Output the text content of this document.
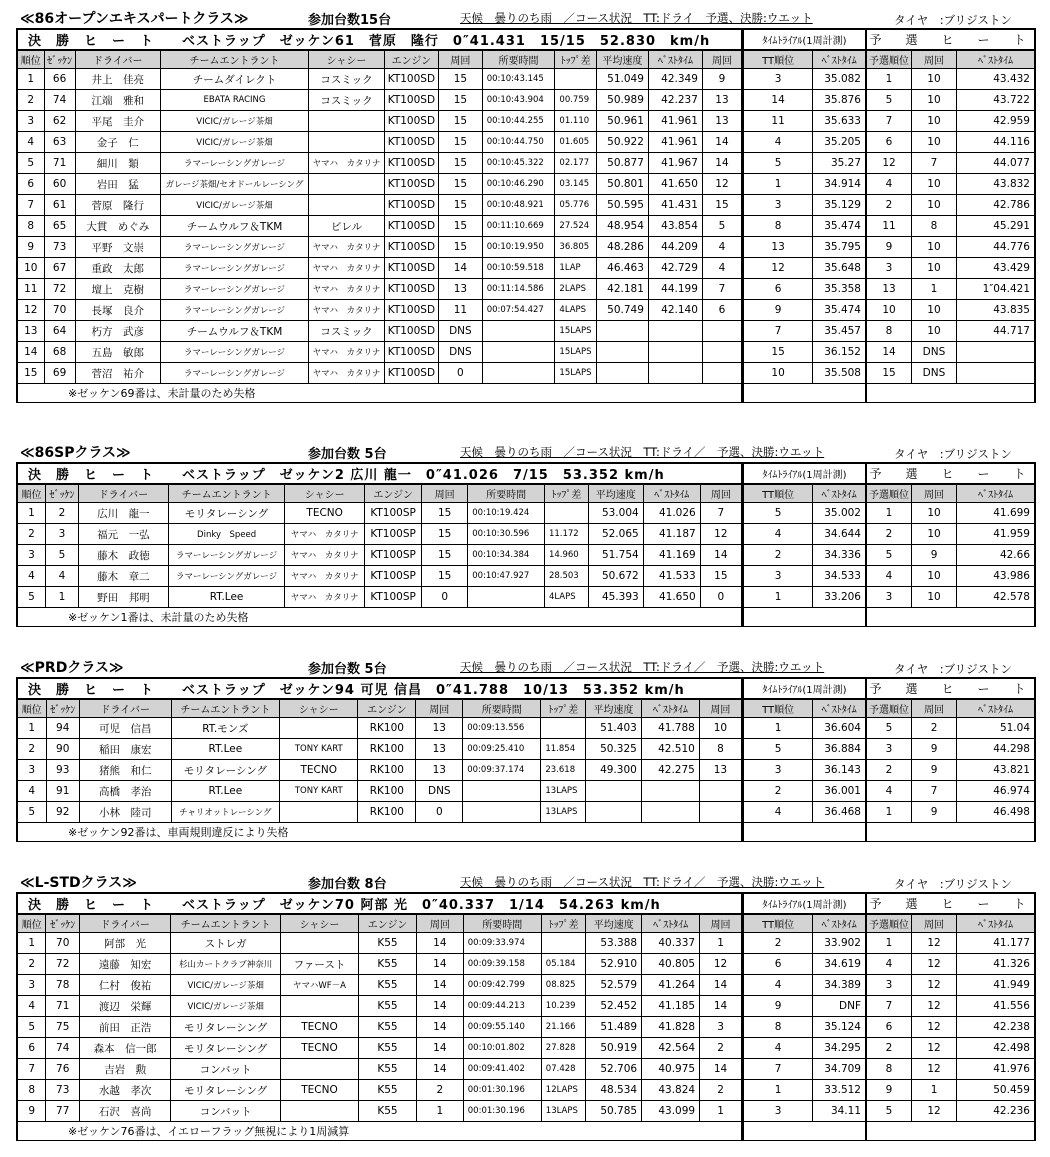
≪86オープンエキスパートクラス≫	参加台数15台	天候　曇りのち雨　／コース状況　TT:ドライ　予選、決勝:ウエット	タイヤ　:ブリジストン
決　勝　ヒ　ー　ト　　ベストラップ　ゼッケン61　菅原　隆行　0″41.431　15/15　52.830　km/h											
順位	ｾﾞｯｹﾝ	ドライバー	チームエントラント	シャシー	エンジン	周回	所要時間	ﾄｯﾌﾟ差	平均速度	ﾍﾞｽﾄﾀｲﾑ	周回
1	66	井上　佳亮	チームダイレクト	コスミック	KT100SD	15	00:10:43.145		51.049	42.349	9
2	74	江端　雅和	EBATA RACING	コスミック	KT100SD	15	00:10:43.904	00.759	50.989	42.237	13
3	62	平尾　圭介	VICIC/ガレージ茶畑		KT100SD	15	00:10:44.255	01.110	50.961	41.961	13
4	63	金子　仁	VICIC/ガレージ茶畑		KT100SD	15	00:10:44.750	01.605	50.922	41.961	14
5	71	細川　類	ラマーレーシングガレージ	ヤマハ　カタリナ	KT100SD	15	00:10:45.322	02.177	50.877	41.967	14
6	60	岩田　猛	ガレージ茶畑/セオドールレーシング		KT100SD	15	00:10:46.290	03.145	50.801	41.650	12
7	61	菅原　隆行	VICIC/ガレージ茶畑		KT100SD	15	00:10:48.921	05.776	50.595	41.431	15
8	65	大貫　めぐみ	チームウルフ＆TKM	ビレル	KT100SD	15	00:11:10.669	27.524	48.954	43.854	5
9	73	平野　文崇	ラマーレーシングガレージ	ヤマハ　カタリナ	KT100SD	15	00:10:19.950	36.805	48.286	44.209	4
10	67	重政　太郎	ラマーレーシングガレージ	ヤマハ　カタリナ	KT100SD	14	00:10:59.518	1LAP	46.463	42.729	4
11	72	壇上　克樹	ラマーレーシングガレージ	ヤマハ　カタリナ	KT100SD	13	00:11:14.586	2LAPS	42.181	44.199	7
12	70	長塚　良介	ラマーレーシングガレージ	ヤマハ　カタリナ	KT100SD	11	00:07:54.427	4LAPS	50.749	42.140	6
13	64	朽方　武彦	チームウルフ＆TKM	コスミック	KT100SD	DNS		15LAPS			
14	68	五島　敏郎	ラマーレーシングガレージ	ヤマハ　カタリナ	KT100SD	DNS		15LAPS			
15	69	菅沼　祐介	ラマーレーシングガレージ	ヤマハ　カタリナ	KT100SD	0		15LAPS			
※ゼッケン69番は、未計量のため失格											
ﾀｲﾑﾄﾗｲｱﾙ(1周計測)	
TT順位	ﾍﾞｽﾄﾀｲﾑ
3	35.082
14	35.876
11	35.633
4	35.205
5	35.27
1	34.914
3	35.129
8	35.474
13	35.795
12	35.648
6	35.358
9	35.474
7	35.457
15	36.152
10	35.508

予　選　ヒ　ー　ト		
予選順位	周回	ﾍﾞｽﾄﾀｲﾑ
1	10	43.432
5	10	43.722
7	10	42.959
6	10	44.116
12	7	44.077
4	10	43.832
2	10	42.786
11	8	45.291
9	10	44.776
3	10	43.429
13	1	1″04.421
10	10	43.835
8	10	44.717
14	DNS	
15	DNS	

≪86SPクラス≫	参加台数 5台	天候　曇りのち雨　／コース状況　TT:ドライ／　予選、決勝:ウエット	タイヤ　:ブリジストン
決　勝　ヒ　ー　ト　　ベストラップ　ゼッケン2 広川 龍一　0″41.026　7/15　53.352 km/h											
順位	ｾﾞｯｹﾝ	ドライバー	チームエントラント	シャシー	エンジン	周回	所要時間	ﾄｯﾌﾟ差	平均速度	ﾍﾞｽﾄﾀｲﾑ	周回
1	2	広川　龍一	モリタレーシング	TECNO	KT100SP	15	00:10:19.424		53.004	41.026	7
2	3	福元　一弘	Dinky　Speed	ヤマハ　カタリナ	KT100SP	15	00:10:30.596	11.172	52.065	41.187	12
3	5	藤木　政徳	ラマーレーシングガレージ	ヤマハ　カタリナ	KT100SP	15	00:10:34.384	14.960	51.754	41.169	14
4	4	藤木　章二	ラマーレーシングガレージ	ヤマハ　カタリナ	KT100SP	15	00:10:47.927	28.503	50.672	41.533	15
5	1	野田　邦明	RT.Lee	ヤマハ　カタリナ	KT100SP	0		4LAPS	45.393	41.650	0
※ゼッケン1番は、未計量のため失格											
ﾀｲﾑﾄﾗｲｱﾙ(1周計測)	
TT順位	ﾍﾞｽﾄﾀｲﾑ
5	35.002
4	34.644
2	34.336
3	34.533
1	33.206

予　選　ヒ　ー　ト		
予選順位	周回	ﾍﾞｽﾄﾀｲﾑ
1	10	41.699
2	10	41.959
5	9	42.66
4	10	43.986
3	10	42.578

≪PRDクラス≫	参加台数 5台	天候　曇りのち雨　／コース状況　TT:ドライ／　予選、決勝:ウエット	タイヤ　:ブリジストン
決　勝　ヒ　ー　ト　　ベストラップ　ゼッケン94 可児 信昌　0″41.788　10/13　53.352 km/h											
順位	ｾﾞｯｹﾝ	ドライバー	チームエントラント	シャシー	エンジン	周回	所要時間	ﾄｯﾌﾟ差	平均速度	ﾍﾞｽﾄﾀｲﾑ	周回
1	94	可児　信昌	RT.モンズ		RK100	13	00:09:13.556		51.403	41.788	10
2	90	稲田　康宏	RT.Lee	TONY KART	RK100	13	00:09:25.410	11.854	50.325	42.510	8
3	93	猪熊　和仁	モリタレーシング	TECNO	RK100	13	00:09:37.174	23.618	49.300	42.275	13
4	91	高橋　孝治	RT.Lee	TONY KART	RK100	DNS		13LAPS			
5	92	小林　陸司	チャリオットレーシング		RK100	0		13LAPS			
※ゼッケン92番は、車両規則違反により失格											
ﾀｲﾑﾄﾗｲｱﾙ(1周計測)	
TT順位	ﾍﾞｽﾄﾀｲﾑ
1	36.604
5	36.884
3	36.143
2	36.001
4	36.468

予　選　ヒ　ー　ト		
予選順位	周回	ﾍﾞｽﾄﾀｲﾑ
5	2	51.04
3	9	44.298
2	9	43.821
4	7	46.974
1	9	46.498

≪L-STDクラス≫	参加台数 8台	天候　曇りのち雨　／コース状況　TT:ドライ／　予選、決勝:ウエット	タイヤ　:ブリジストン
決　勝　ヒ　ー　ト　　ベストラップ　ゼッケン70 阿部 光　0″40.337　1/14　54.263 km/h											
順位	ｾﾞｯｹﾝ	ドライバー	チームエントラント	シャシー	エンジン	周回	所要時間	ﾄｯﾌﾟ差	平均速度	ﾍﾞｽﾄﾀｲﾑ	周回
1	70	阿部　光	ストレガ		K55	14	00:09:33.974		53.388	40.337	1
2	72	遠藤　知宏	杉山カートクラブ神奈川	ファースト	K55	14	00:09:39.158	05.184	52.910	40.805	12
3	78	仁村　俊祐	VICIC/ガレージ茶畑	ヤマハWF－A	K55	14	00:09:42.799	08.825	52.579	41.264	14
4	71	渡辺　栄輝	VICIC/ガレージ茶畑		K55	14	00:09:44.213	10.239	52.452	41.185	14
5	75	前田　正浩	モリタレーシング	TECNO	K55	14	00:09:55.140	21.166	51.489	41.828	3
6	74	森本　信一郎	モリタレーシング	TECNO	K55	14	00:10:01.802	27.828	50.919	42.564	2
7	76	吉岩　勲	コンバット		K55	14	00:09:41.402	07.428	52.706	40.975	14
8	73	水越　孝次	モリタレーシング	TECNO	K55	2	00:01:30.196	12LAPS	48.534	43.824	2
9	77	石沢　喜尚	コンバット		K55	1	00:01:30.196	13LAPS	50.785	43.099	1
※ゼッケン76番は、イエローフラッグ無視により1周減算											
ﾀｲﾑﾄﾗｲｱﾙ(1周計測)	
TT順位	ﾍﾞｽﾄﾀｲﾑ
2	33.902
6	34.619
4	34.389
9	DNF
8	35.124
4	34.295
7	34.709
1	33.512
3	34.11

予　選　ヒ　ー　ト		
予選順位	周回	ﾍﾞｽﾄﾀｲﾑ
1	12	41.177
4	12	41.326
3	12	41.949
7	12	41.556
6	12	42.238
2	12	42.498
8	12	41.976
9	1	50.459
5	12	42.236
